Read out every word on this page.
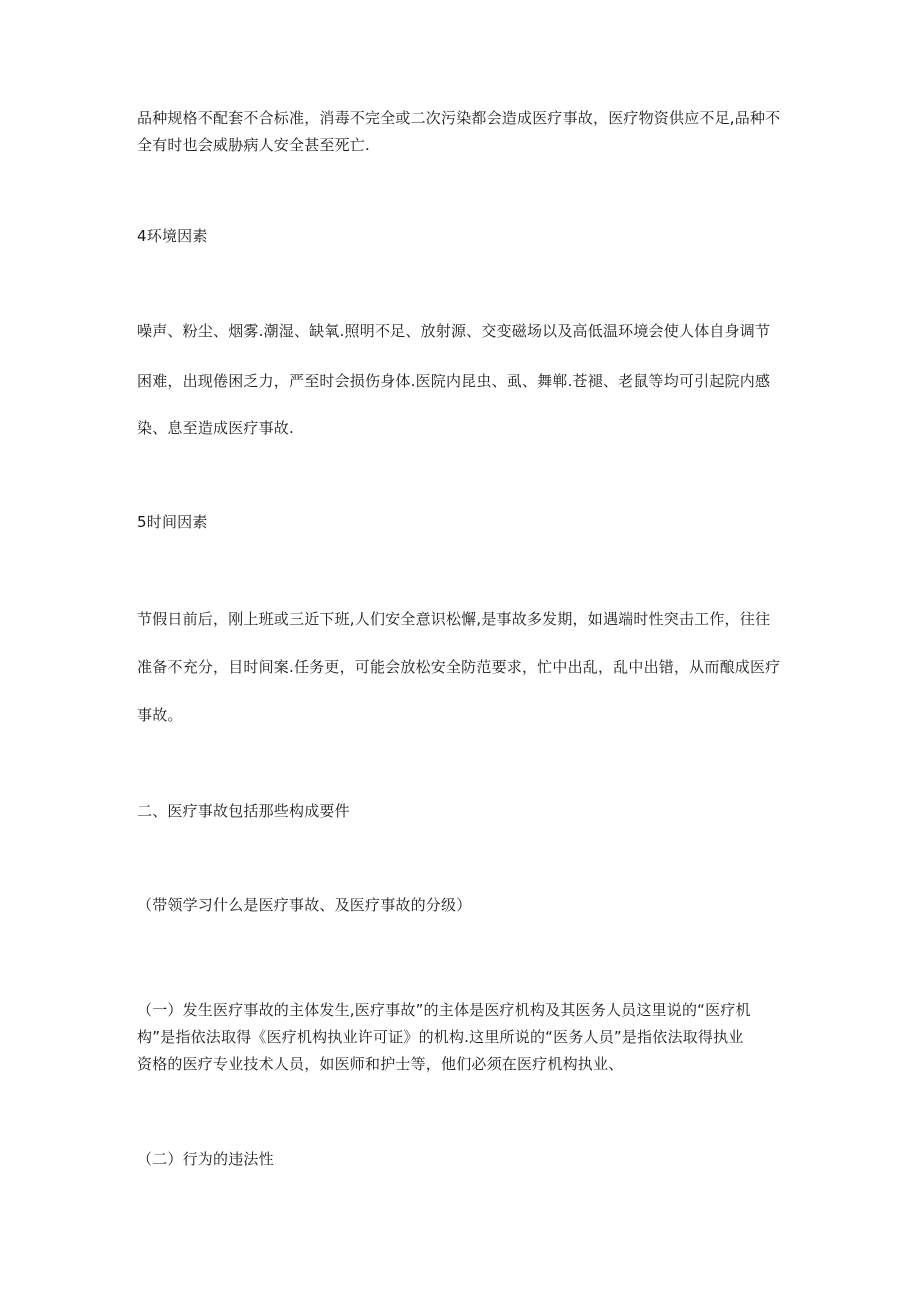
品种规格不配套不合标准，消毒不完全或二次污染都会造成医疗事故，医疗物资供应不足,品种不
全有时也会威胁病人安全甚至死亡.
4环境因素
噪声、粉尘、烟雾.潮湿、缺氧.照明不足、放射源、交变磁场以及高低温环境会使人体自身调节
困难，出现倦困乏力，严至时会损伤身体.医院内昆虫、虱、舞郸.苍褪、老鼠等均可引起院内感
染、息至造成医疗事故.
5时间因素
节假日前后，刚上班或三近下班,人们安全意识松懈,是事故多发期，如遇端时性突击工作，往往
准备不充分，目时间案.任务更，可能会放松安全防范要求，忙中出乱，乱中出错，从而酿成医疗
事故。
二、医疗事故包括那些构成要件
（带领学习什么是医疗事故、及医疗事故的分级）
（一）发生医疗事故的主体发生,医疗事故”的主体是医疗机构及其医务人员这里说的“医疗机
构”是指依法取得《医疗机构执业许可证》的机构.这里所说的“医务人员”是指依法取得执业
资格的医疗专业技术人员，如医师和护士等，他们必须在医疗机构执业、
（二）行为的违法性
